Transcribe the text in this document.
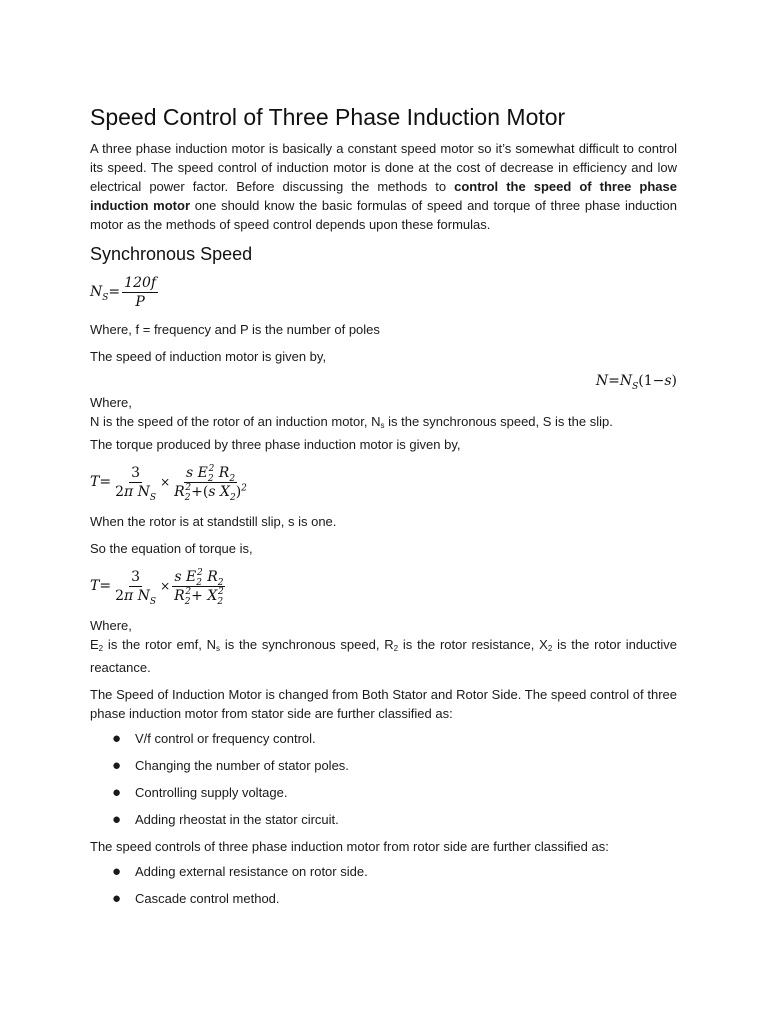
Speed Control of Three Phase Induction Motor

A three phase induction motor is basically a constant speed motor so it’s somewhat difficult to control its speed. The speed control of induction motor is done at the cost of decrease in efficiency and low electrical power factor. Before discussing the methods to control the speed of three phase induction motor one should know the basic formulas of speed and torque of three phase induction motor as the methods of speed control depends upon these formulas.

Synchronous Speed
$N_S = \frac{120f}{P}$

Where, f = frequency and P is the number of poles

The speed of induction motor is given by,

$N=N_S(1-s)$

Where,

N is the speed of the rotor of an induction motor, Ns is the synchronous speed, S is the slip.

The torque produced by three phase induction motor is given by,

$T = \frac{3}{2\pi N_S} \times \frac{s E_2^2 R_2}{R_2^2+(s X_2)^2}$

When the rotor is at standstill slip, s is one.

So the equation of torque is,

$T = \frac{3}{2\pi N_S} \times \frac{s E_2^2 R_2}{R_2^2+ X_2^2}$

Where,

E2 is the rotor emf, Ns is the synchronous speed, R2 is the rotor resistance, X2 is the rotor inductive reactance.

The Speed of Induction Motor is changed from Both Stator and Rotor Side. The speed control of three phase induction motor from stator side are further classified as:

● V/f control or frequency control.
● Changing the number of stator poles.
● Controlling supply voltage.
● Adding rheostat in the stator circuit.

The speed controls of three phase induction motor from rotor side are further classified as:

● Adding external resistance on rotor side.
● Cascade control method.
